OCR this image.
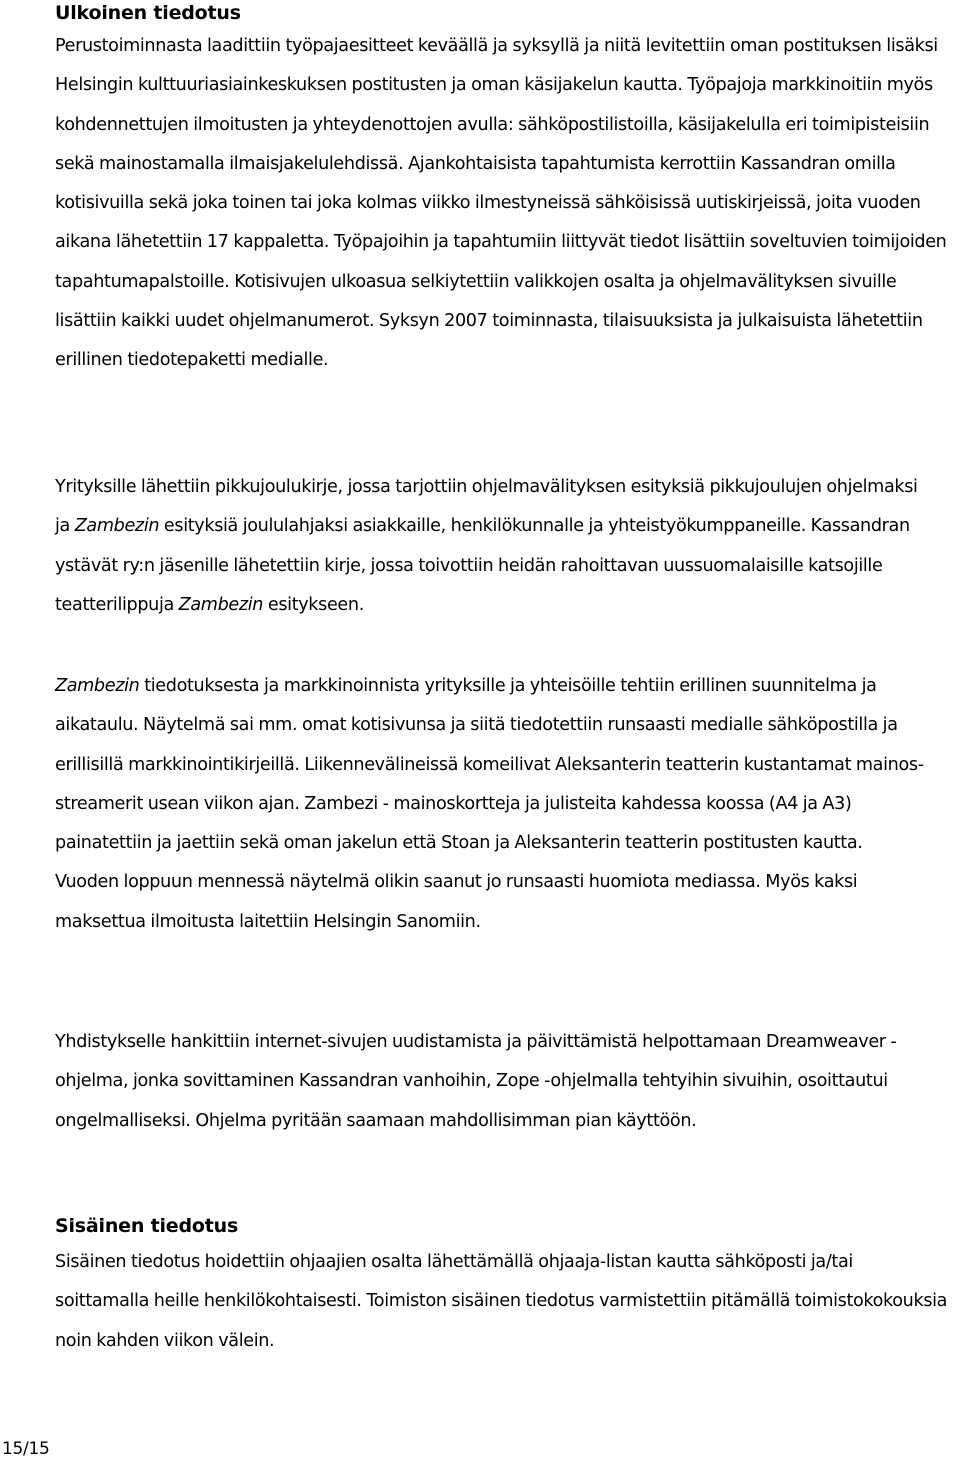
Ulkoinen tiedotus

Perustoiminnasta laadittiin työpajaesitteet keväällä ja syksyllä ja niitä levitettiin oman postituksen lisäksi Helsingin kulttuuriasiainkeskuksen postitusten ja oman käsijakelun kautta. Työpajoja markkinoitiin myös kohdennettujen ilmoitusten ja yhteydenottojen avulla: sähköpostilistoilla, käsijakelulla eri toimipisteisiin sekä mainostamalla ilmaisjakelulehdissä. Ajankohtaisista tapahtumista kerrottiin Kassandran omilla kotisivuilla sekä joka toinen tai joka kolmas viikko ilmestyneissä sähköisissä uutiskirjeissä, joita vuoden aikana lähetettiin 17 kappaletta. Työpajoihin ja tapahtumiin liittyvät tiedot lisättiin soveltuvien toimijoiden tapahtumapalstoille. Kotisivujen ulkoasua selkiytettiin valikkojen osalta ja ohjelmavälityksen sivuille lisättiin kaikki uudet ohjelmanumerot. Syksyn 2007 toiminnasta, tilaisuuksista ja julkaisuista lähetettiin erillinen tiedotepaketti medialle.

Yrityksille lähettiin pikkujoulukirje, jossa tarjottiin ohjelmavälityksen esityksiä pikkujoulujen ohjelmaksi ja Zambezin esityksiä joululahjaksi asiakkaille, henkilökunnalle ja yhteistyökumppaneille. Kassandran ystävät ry:n jäsenille lähetettiin kirje, jossa toivottiin heidän rahoittavan uussuomalaisille katsojille teatterilippuja Zambezin esitykseen.

Zambezin tiedotuksesta ja markkinoinnista yrityksille ja yhteisöille tehtiin erillinen suunnitelma ja aikataulu. Näytelmä sai mm. omat kotisivunsa ja siitä tiedotettiin runsaasti medialle sähköpostilla ja erillisillä markkinointikirjeillä. Liikennevälineissä komeilivat Aleksanterin teatterin kustantamat mainos-streamerit usean viikon ajan. Zambezi - mainoskortteja ja julisteita kahdessa koossa (A4 ja A3) painatettiin ja jaettiin sekä oman jakelun että Stoan ja Aleksanterin teatterin postitusten kautta. Vuoden loppuun mennessä näytelmä olikin saanut jo runsaasti huomiota mediassa. Myös kaksi maksettua ilmoitusta laitettiin Helsingin Sanomiin.

Yhdistykselle hankittiin internet-sivujen uudistamista ja päivittämistä helpottamaan Dreamweaver -ohjelma, jonka sovittaminen Kassandran vanhoihin, Zope -ohjelmalla tehtyihin sivuihin, osoittautui ongelmalliseksi. Ohjelma pyritään saamaan mahdollisimman pian käyttöön.

Sisäinen tiedotus

Sisäinen tiedotus hoidettiin ohjaajien osalta lähettämällä ohjaaja-listan kautta sähköposti ja/tai soittamalla heille henkilökohtaisesti. Toimiston sisäinen tiedotus varmistettiin pitämällä toimistokokouksia noin kahden viikon välein.

15/15
